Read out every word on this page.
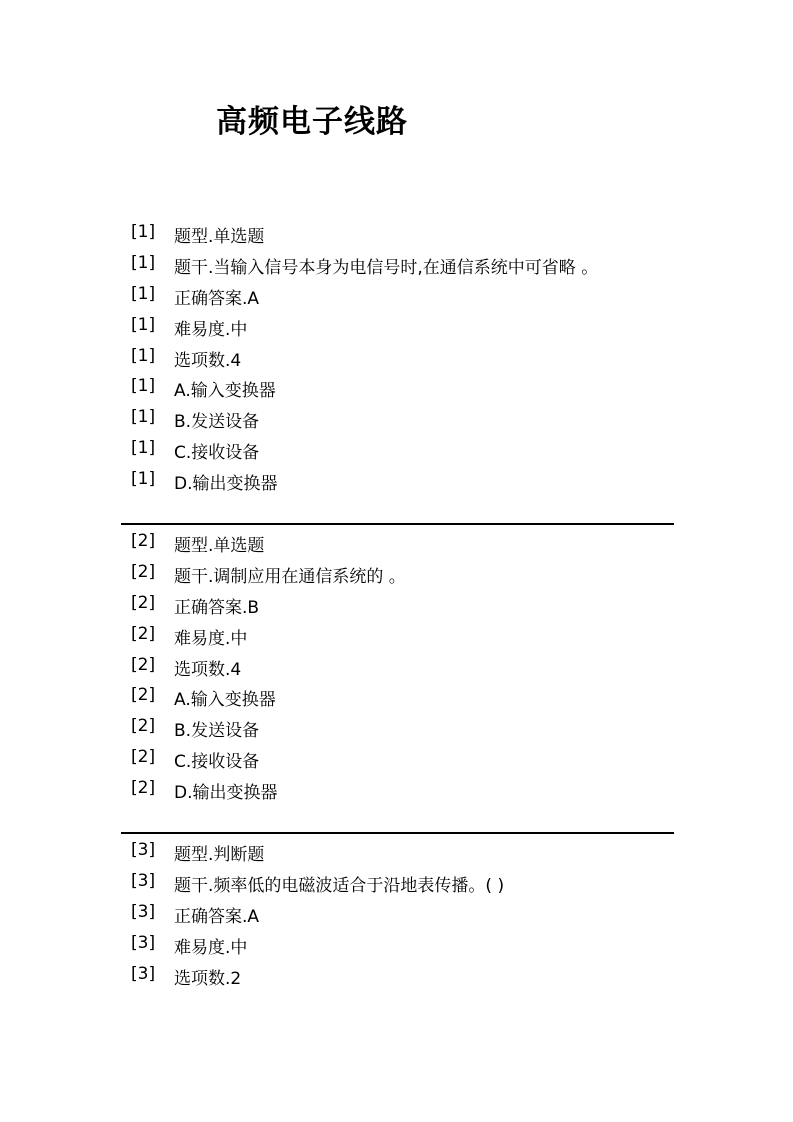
高频电子线路
[1] 题型.单选题
[1] 题干.当输入信号本身为电信号时,在通信系统中可省略 。
[1] 正确答案.A
[1] 难易度.中
[1] 选项数.4
[1] A.输入变换器
[1] B.发送设备
[1] C.接收设备
[1] D.输出变换器
[2] 题型.单选题
[2] 题干.调制应用在通信系统的 。
[2] 正确答案.B
[2] 难易度.中
[2] 选项数.4
[2] A.输入变换器
[2] B.发送设备
[2] C.接收设备
[2] D.输出变换器
[3] 题型.判断题
[3] 题干.频率低的电磁波适合于沿地表传播。( )
[3] 正确答案.A
[3] 难易度.中
[3] 选项数.2
